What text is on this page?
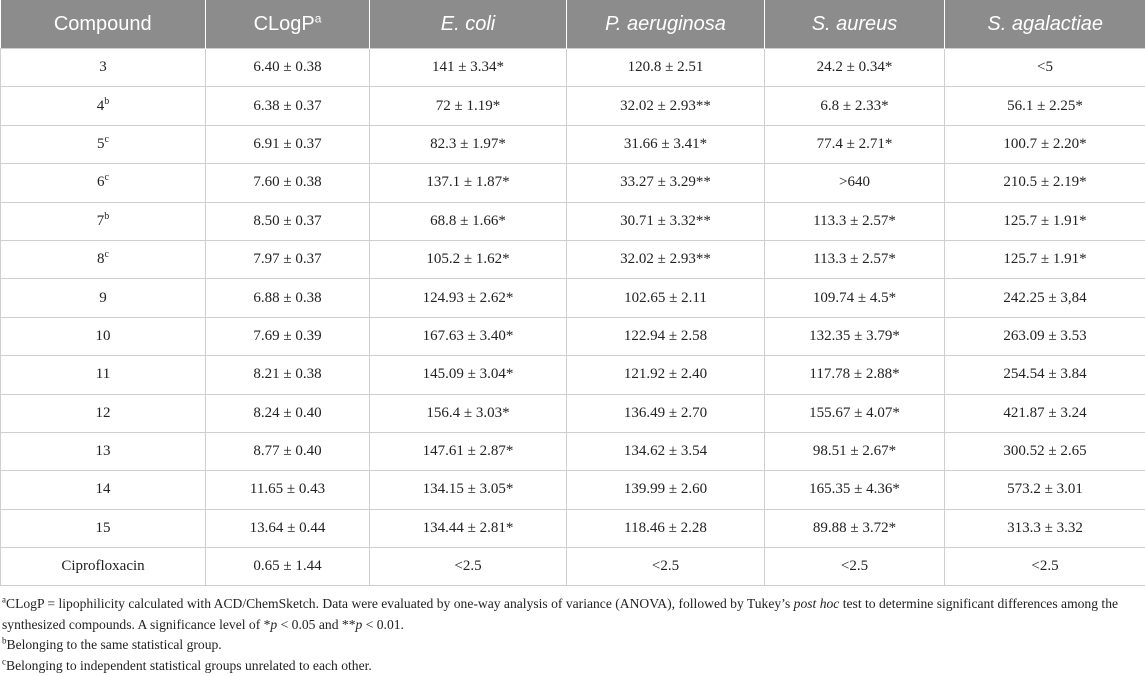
Compound	CLogP$^a$	E. coli	P. aeruginosa	S. aureus	S. agalactiae
3	6.40 ± 0.38	141 ± 3.34*	120.8 ± 2.51	24.2 ± 0.34*	<5
4$^b$	6.38 ± 0.37	72 ± 1.19*	32.02 ± 2.93**	6.8 ± 2.33*	56.1 ± 2.25*
5$^c$	6.91 ± 0.37	82.3 ± 1.97*	31.66 ± 3.41*	77.4 ± 2.71*	100.7 ± 2.20*
6$^c$	7.60 ± 0.38	137.1 ± 1.87*	33.27 ± 3.29**	>640	210.5 ± 2.19*
7$^b$	8.50 ± 0.37	68.8 ± 1.66*	30.71 ± 3.32**	113.3 ± 2.57*	125.7 ± 1.91*
8$^c$	7.97 ± 0.37	105.2 ± 1.62*	32.02 ± 2.93**	113.3 ± 2.57*	125.7 ± 1.91*
9	6.88 ± 0.38	124.93 ± 2.62*	102.65 ± 2.11	109.74 ± 4.5*	242.25 ± 3,84
10	7.69 ± 0.39	167.63 ± 3.40*	122.94 ± 2.58	132.35 ± 3.79*	263.09 ± 3.53
11	8.21 ± 0.38	145.09 ± 3.04*	121.92 ± 2.40	117.78 ± 2.88*	254.54 ± 3.84
12	8.24 ± 0.40	156.4 ± 3.03*	136.49 ± 2.70	155.67 ± 4.07*	421.87 ± 3.24
13	8.77 ± 0.40	147.61 ± 2.87*	134.62 ± 3.54	98.51 ± 2.67*	300.52 ± 2.65
14	11.65 ± 0.43	134.15 ± 3.05*	139.99 ± 2.60	165.35 ± 4.36*	573.2 ± 3.01
15	13.64 ± 0.44	134.44 ± 2.81*	118.46 ± 2.28	89.88 ± 3.72*	313.3 ± 3.32
Ciprofloxacin	0.65 ± 1.44	<2.5	<2.5	<2.5	<2.5

$^a$CLogP = lipophilicity calculated with ACD/ChemSketch. Data were evaluated by one-way analysis of variance (ANOVA), followed by Tukey’s post hoc test to determine significant differences among the synthesized compounds. A significance level of *p < 0.05 and **p < 0.01.

$^b$Belonging to the same statistical group.

$^c$Belonging to independent statistical groups unrelated to each other.
